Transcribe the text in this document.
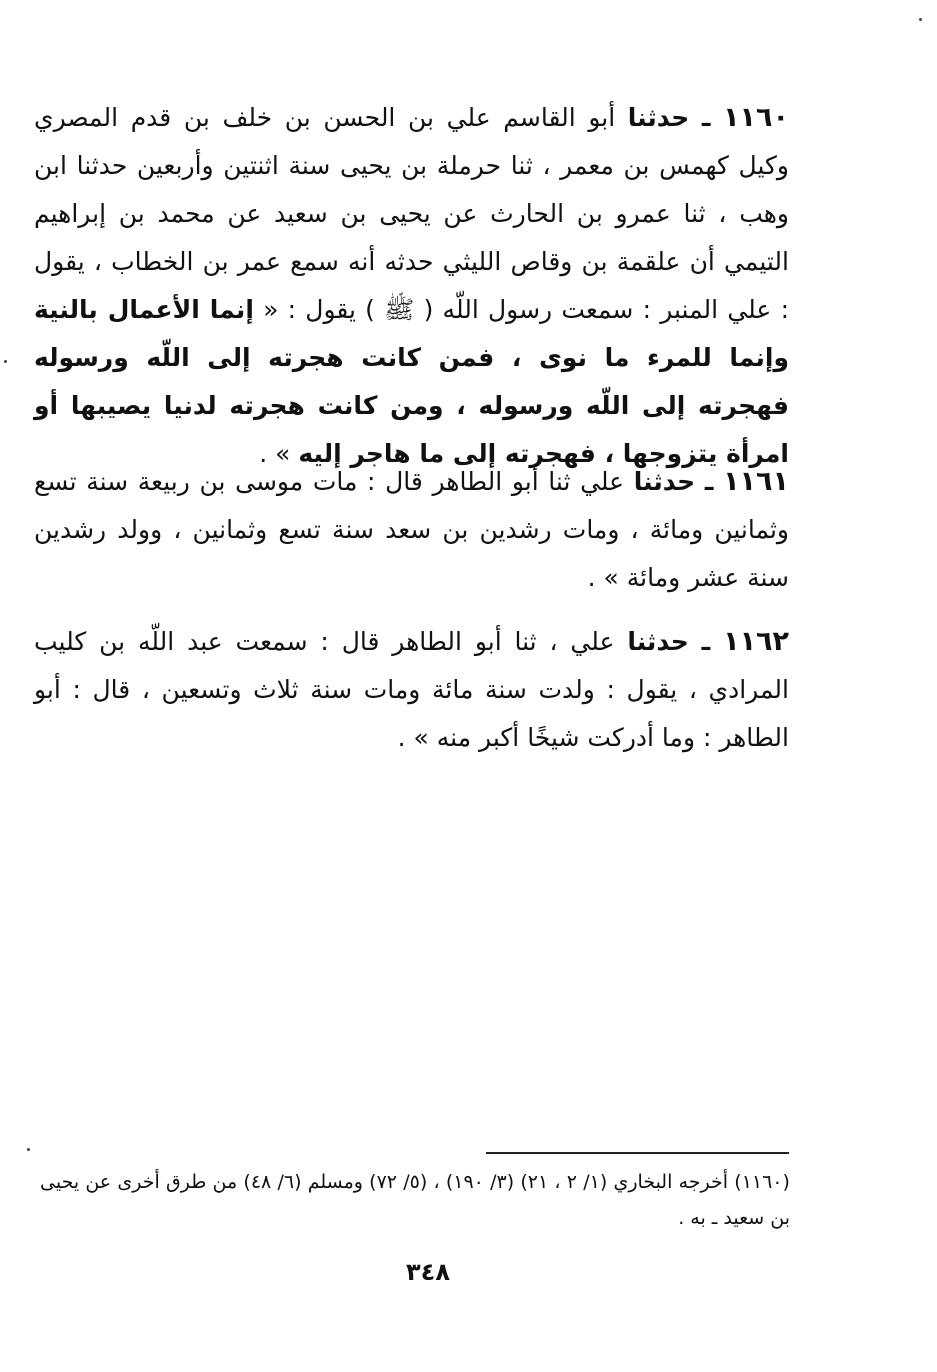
١١٦٠ ـ حدثنا أبو القاسم علي بن الحسن بن خلف بن قدم المصري وكيل كهمس بن معمر ، ثنا حرملة بن يحيى سنة اثنتين وأربعين حدثنا ابن وهب ، ثنا عمرو بن الحارث عن يحيى بن سعيد عن محمد بن إبراهيم التيمي أن علقمة بن وقاص الليثي حدثه أنه سمع عمر بن الخطاب ، يقول : علي المنبر : سمعت رسول اللّه ( ﷺ ) يقول : « إنما الأعمال بالنية وإنما للمرء ما نوى ، فمن كانت هجرته إلى اللّه ورسوله فهجرته إلى اللّه ورسوله ، ومن كانت هجرته لدنيا يصيبها أو امرأة يتزوجها ، فهجرته إلى ما هاجر إليه » .

١١٦١ ـ حدثنا علي ثنا أبو الطاهر قال : مات موسى بن ربيعة سنة تسع وثمانين ومائة ، ومات رشدين بن سعد سنة تسع وثمانين ، وولد رشدين سنة عشر ومائة » .

١١٦٢ ـ حدثنا علي ، ثنا أبو الطاهر قال : سمعت عبد اللّه بن كليب المرادي ، يقول : ولدت سنة مائة ومات سنة ثلاث وتسعين ، قال : أبو الطاهر : وما أدركت شيخًا أكبر منه » .

(١١٦٠) أخرجه البخاري (١/ ٢ ، ٢١) (٣/ ١٩٠) ، (٥/ ٧٢) ومسلم (٦/ ٤٨) من طرق أخرى عن يحيى بن سعيد ـ به .
٣٤٨
